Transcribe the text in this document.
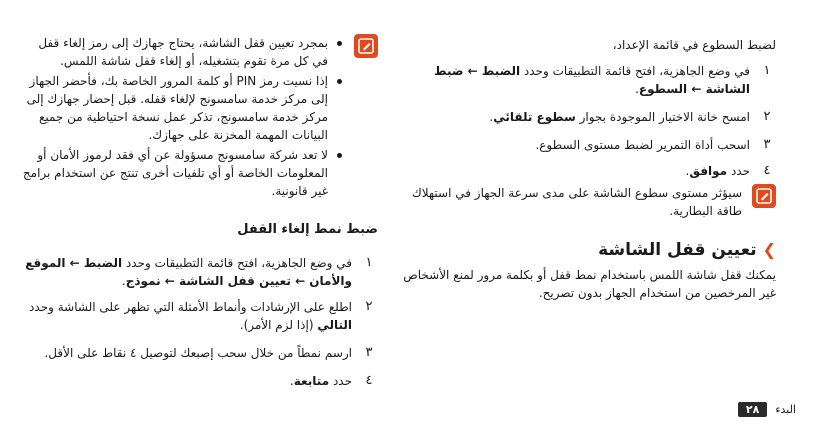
لضبط السطوع في قائمة الإعداد،
١
في وضع الجاهزية، افتح قائمة التطبيقات وحدد الضبط ← ضبط الشاشة ← السطوع.
٢
امسح خانة الاختيار الموجودة بجوار سطوع تلقائي.
٣
اسحب أداة التمرير لضبط مستوى السطوع.
٤
حدد موافق.
سيؤثر مستوى سطوع الشاشة على مدى سرعة الجهاز في استهلاك طاقة البطارية.
❯تعيين قفل الشاشة
يمكنك قفل شاشة اللمس باستخدام نمط قفل أو بكلمة مرور لمنع الأشخاص غير المرخصين من استخدام الجهاز بدون تصريح.
بمجرد تعيين قفل الشاشة، يحتاج جهازك إلى رمز إلغاء قفل في كل مرة تقوم بتشغيله، أو إلغاء قفل شاشة اللمس.
إذا نسيت رمز PIN أو كلمة المرور الخاصة بك، فأحضر الجهاز إلى مركز خدمة سامسونج لإلغاء قفله. قبل إحضار جهازك إلى مركز خدمة سامسونج، تذكر عمل نسخة احتياطية من جميع البيانات المهمة المخزنة على جهازك.
لا تعد شركة سامسونج مسؤولة عن أي فقد لرموز الأمان أو المعلومات الخاصة أو أي تلفيات أخرى تنتج عن استخدام برامج غير قانونية.
ضبط نمط إلغاء القفل
١
في وضع الجاهزية، افتح قائمة التطبيقات وحدد الضبط ← الموقع والأمان ← تعيين قفل الشاشة ← نموذج.
٢
اطلع على الإرشادات وأنماط الأمثلة التي تظهر على الشاشة وحدد التالي (إذا لزم الأمر).
٣
ارسم نمطاً من خلال سحب إصبعك لتوصيل ٤ نقاط على الأقل.
٤
حدد متابعة.
البدء
٢٨
